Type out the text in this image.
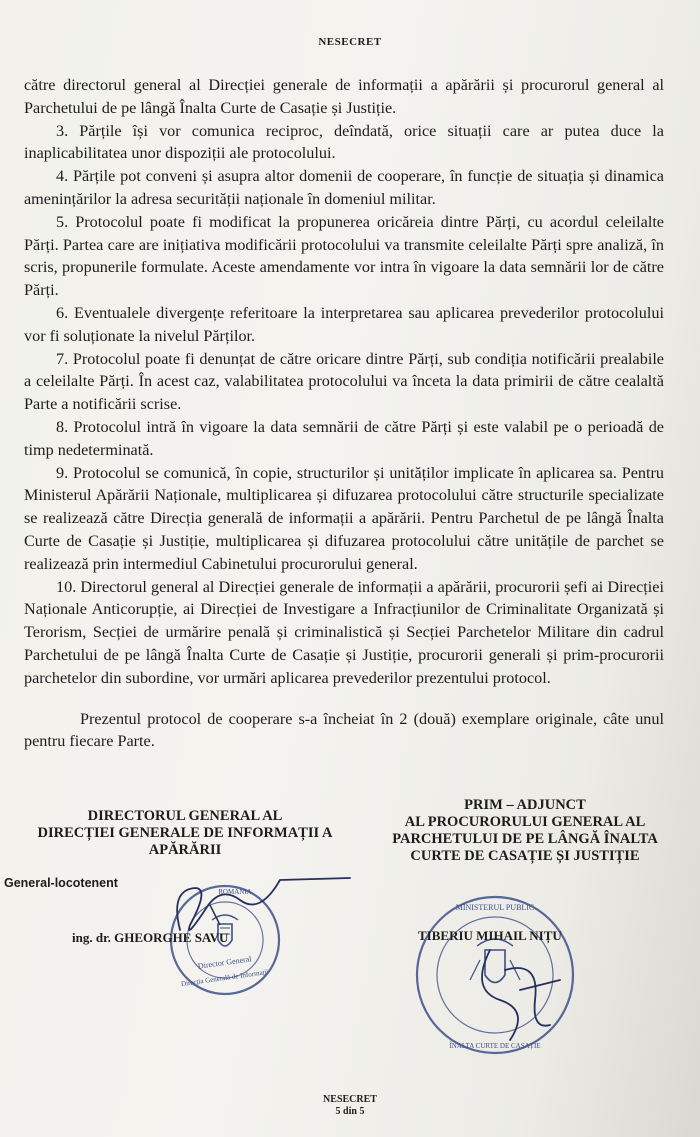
NESECRET

către directorul general al Direcției generale de informații a apărării și procurorul general al Parchetului de pe lângă Înalta Curte de Casație și Justiție.

3. Părțile își vor comunica reciproc, deîndată, orice situații care ar putea duce la inaplicabilitatea unor dispoziții ale protocolului.

4. Părțile pot conveni și asupra altor domenii de cooperare, în funcție de situația și dinamica amenințărilor la adresa securității naționale în domeniul militar.

5. Protocolul poate fi modificat la propunerea oricăreia dintre Părți, cu acordul celeilalte Părți. Partea care are inițiativa modificării protocolului va transmite celeilalte Părți spre analiză, în scris, propunerile formulate. Aceste amendamente vor intra în vigoare la data semnării lor de către Părți.

6. Eventualele divergențe referitoare la interpretarea sau aplicarea prevederilor protocolului vor fi soluționate la nivelul Părților.

7. Protocolul poate fi denunțat de către oricare dintre Părți, sub condiția notificării prealabile a celeilalte Părți. În acest caz, valabilitatea protocolului va înceta la data primirii de către cealaltă Parte a notificării scrise.

8. Protocolul intră în vigoare la data semnării de către Părți și este valabil pe o perioadă de timp nedeterminată.

9. Protocolul se comunică, în copie, structurilor și unităților implicate în aplicarea sa. Pentru Ministerul Apărării Naționale, multiplicarea și difuzarea protocolului către structurile specializate se realizează către Direcția generală de informații a apărării. Pentru Parchetul de pe lângă Înalta Curte de Casație și Justiție, multiplicarea și difuzarea protocolului către unitățile de parchet se realizează prin intermediul Cabinetului procurorului general.

10. Directorul general al Direcției generale de informații a apărării, procurorii șefi ai Direcției Naționale Anticorupție, ai Direcției de Investigare a Infracțiunilor de Criminalitate Organizată și Terorism, Secției de urmărire penală și criminalistică și Secției Parchetelor Militare din cadrul Parchetului de pe lângă Înalta Curte de Casație și Justiție, procurorii generali și prim-procurorii parchetelor din subordine, vor urmări aplicarea prevederilor prezentului protocol.

Prezentul protocol de cooperare s-a încheiat în 2 (două) exemplare originale, câte unul pentru fiecare Parte.

DIRECTORUL GENERAL AL
DIRECȚIEI GENERALE DE INFORMAȚII A
APĂRĂRII
PRIM – ADJUNCT
AL PROCURORULUI GENERAL AL
PARCHETULUI DE PE LÂNGĂ ÎNALTA
CURTE DE CASAȚIE ȘI JUSTIȚIE
General-locotenent
Director General
Direcția Generală de Informații
ROMÂNIA
ing. dr. GHEORGHE SAVU
MINISTERUL PUBLIC
ÎNALTA CURTE DE CASAȚIE
TIBERIU MIHAIL NIȚU
NESECRET
5 din 5
